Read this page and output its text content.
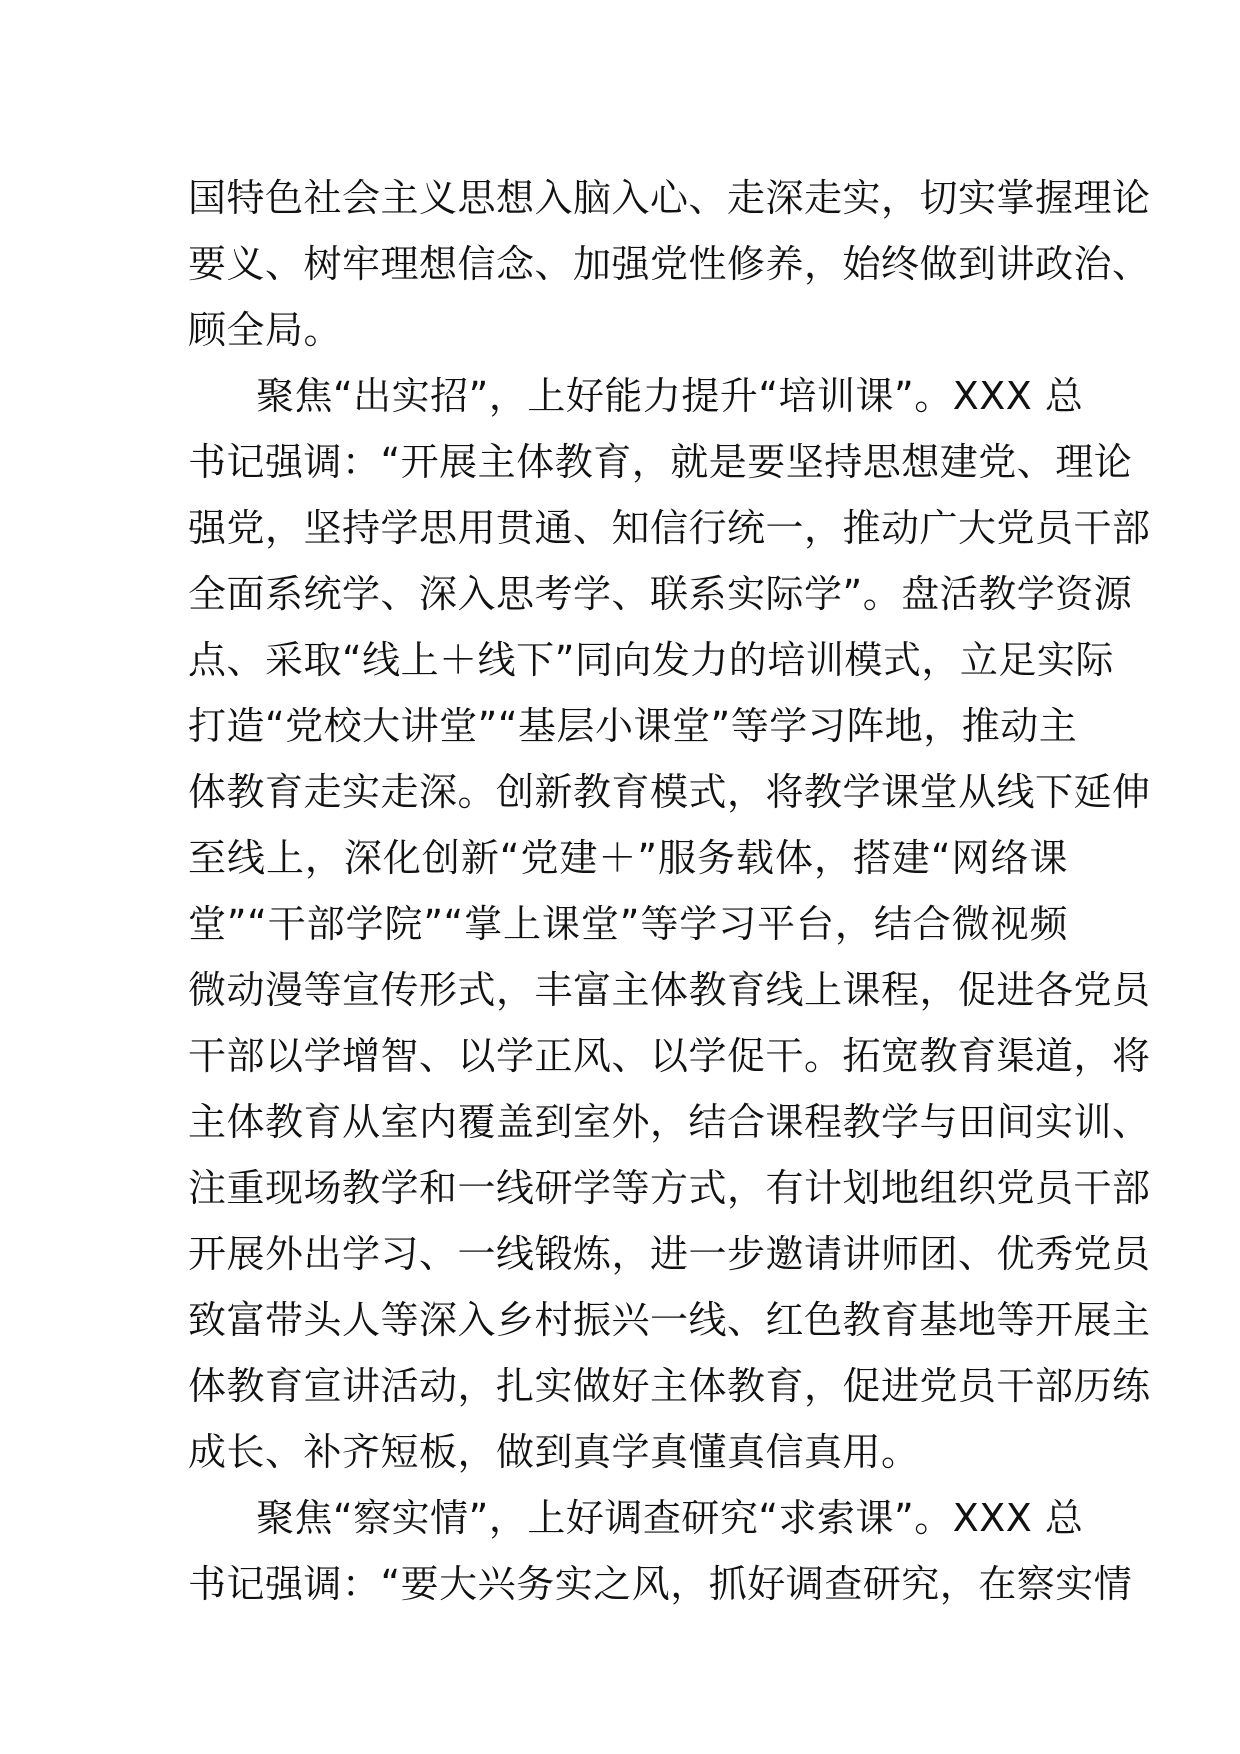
国特色社会主义思想入脑入心、走深走实，切实掌握理论
要义、树牢理想信念、加强党性修养，始终做到讲政治、
顾全局。
聚焦“出实招”，上好能力提升“培训课”。XXX 总
书记强调：“开展主体教育，就是要坚持思想建党、理论
强党，坚持学思用贯通、知信行统一，推动广大党员干部
全面系统学、深入思考学、联系实际学”。盘活教学资源
点、采取“线上＋线下”同向发力的培训模式，立足实际
打造“党校大讲堂”“基层小课堂”等学习阵地，推动主
体教育走实走深。创新教育模式，将教学课堂从线下延伸
至线上，深化创新“党建＋”服务载体，搭建“网络课
堂”“干部学院”“掌上课堂”等学习平台，结合微视频
微动漫等宣传形式，丰富主体教育线上课程，促进各党员
干部以学增智、以学正风、以学促干。拓宽教育渠道，将
主体教育从室内覆盖到室外，结合课程教学与田间实训、
注重现场教学和一线研学等方式，有计划地组织党员干部
开展外出学习、一线锻炼，进一步邀请讲师团、优秀党员
致富带头人等深入乡村振兴一线、红色教育基地等开展主
体教育宣讲活动，扎实做好主体教育，促进党员干部历练
成长、补齐短板，做到真学真懂真信真用。
聚焦“察实情”，上好调查研究“求索课”。XXX 总
书记强调：“要大兴务实之风，抓好调查研究，在察实情
